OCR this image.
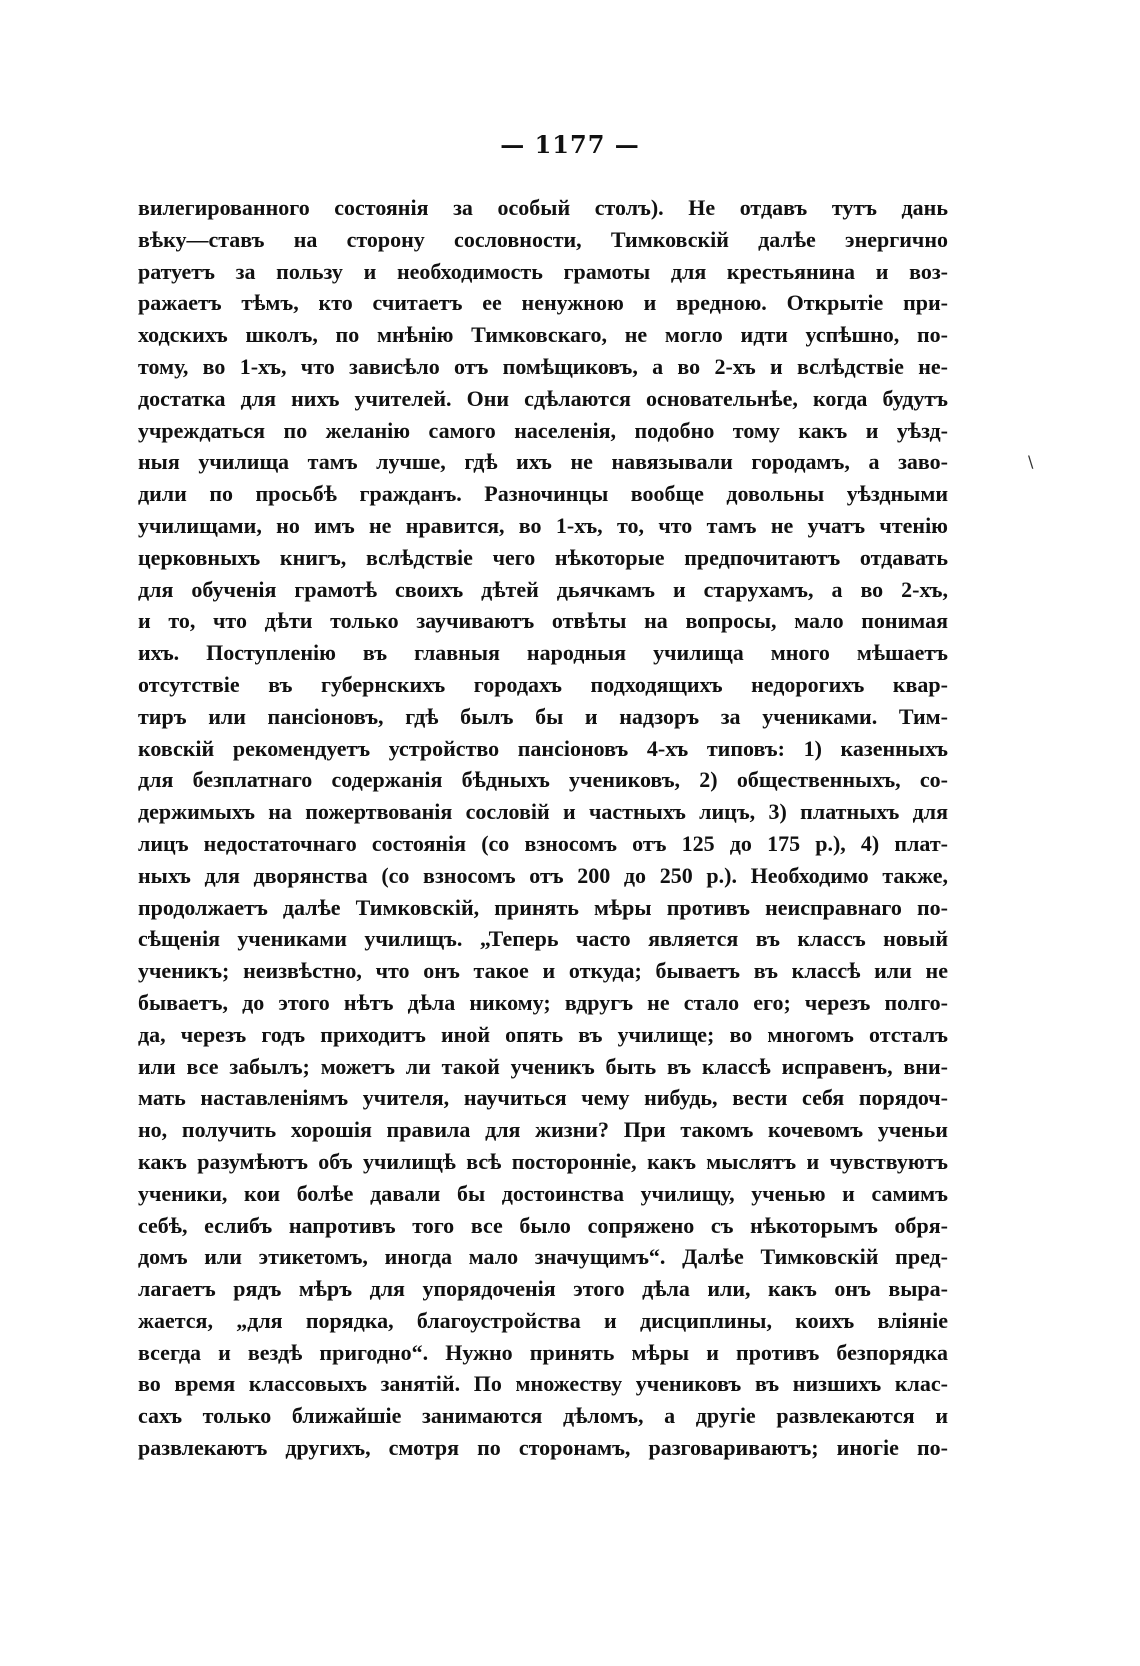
— 1177 —
\
вилегированного состоянія за особый столъ). Не отдавъ тутъ дань
вѣку—ставъ на сторону сословности, Тимковскій далѣе энергично
ратуетъ за пользу и необходимость грамоты для крестьянина и воз-
ражаетъ тѣмъ, кто считаетъ ее ненужною и вредною. Открытіе при-
ходскихъ школъ, по мнѣнію Тимковскаго, не могло идти успѣшно, по-
тому, во 1-хъ, что зависѣло отъ помѣщиковъ, а во 2-хъ и вслѣдствіе не-
достатка для нихъ учителей. Они сдѣлаются основательнѣе, когда будутъ
учреждаться по желанію самого населенія, подобно тому какъ и уѣзд-
ныя училища тамъ лучше, гдѣ ихъ не навязывали городамъ, а заво-
дили по просьбѣ гражданъ. Разночинцы вообще довольны уѣздными
училищами, но имъ не нравится, во 1-хъ, то, что тамъ не учатъ чтенію
церковныхъ книгъ, вслѣдствіе чего нѣкоторые предпочитаютъ отдавать
для обученія грамотѣ своихъ дѣтей дьячкамъ и старухамъ, а во 2-хъ,
и то, что дѣти только заучиваютъ отвѣты на вопросы, мало понимая
ихъ. Поступленію въ главныя народныя училища много мѣшаетъ
отсутствіе въ губернскихъ городахъ подходящихъ недорогихъ квар-
тиръ или пансіоновъ, гдѣ былъ бы и надзоръ за учениками. Тим-
ковскій рекомендуетъ устройство пансіоновъ 4-хъ типовъ: 1) казенныхъ
для безплатнаго содержанія бѣдныхъ учениковъ, 2) общественныхъ, со-
держимыхъ на пожертвованія сословій и частныхъ лицъ, 3) платныхъ для
лицъ недостаточнаго состоянія (со взносомъ отъ 125 до 175 р.), 4) плат-
ныхъ для дворянства (со взносомъ отъ 200 до 250 р.). Необходимо также,
продолжаетъ далѣе Тимковскій, принять мѣры противъ неисправнаго по-
сѣщенія учениками училищъ. „Теперь часто является въ классъ новый
ученикъ; неизвѣстно, что онъ такое и откуда; бываетъ въ классѣ или не
бываетъ, до этого нѣтъ дѣла никому; вдругъ не стало его; черезъ полго-
да, черезъ годъ приходитъ иной опять въ училище; во многомъ отсталъ
или все забылъ; можетъ ли такой ученикъ быть въ классѣ исправенъ, вни-
мать наставленіямъ учителя, научиться чему нибудь, вести себя порядоч-
но, получить хорошія правила для жизни? При такомъ кочевомъ ученьи
какъ разумѣютъ объ училищѣ всѣ посторонніе, какъ мыслятъ и чувствуютъ
ученики, кои болѣе давали бы достоинства училищу, ученью и самимъ
себѣ, еслибъ напротивъ того все было сопряжено съ нѣкоторымъ обря-
домъ или этикетомъ, иногда мало значущимъ“. Далѣе Тимковскій пред-
лагаетъ рядъ мѣръ для упорядоченія этого дѣла или, какъ онъ выра-
жается, „для порядка, благоустройства и дисциплины, коихъ вліяніе
всегда и вездѣ пригодно“. Нужно принять мѣры и противъ безпорядка
во время классовыхъ занятій. По множеству учениковъ въ низшихъ клас-
сахъ только ближайшіе занимаются дѣломъ, а другіе развлекаются и
развлекаютъ другихъ, смотря по сторонамъ, разговариваютъ; иногіе по-
